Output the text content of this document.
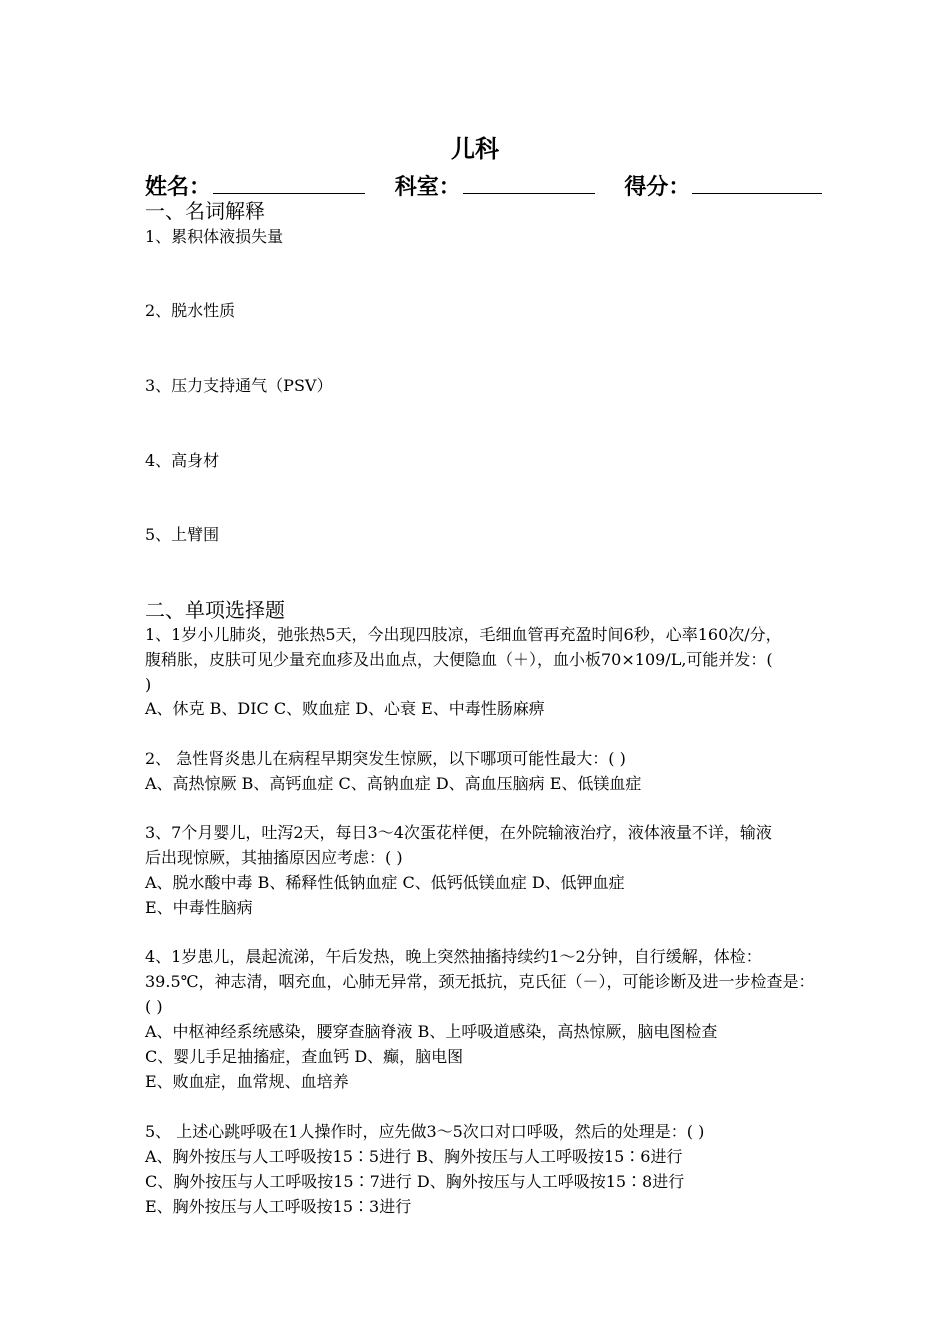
儿科
姓名：	科室：	得分：
一、名词解释
1、累积体液损失量
2、脱水性质
3、压力支持通气（PSV）
4、高身材
5、上臂围
二、单项选择题
1、1岁小儿肺炎，弛张热5天，今出现四肢凉，毛细血管再充盈时间6秒，心率160次/分，
腹稍胀，皮肤可见少量充血疹及出血点，大便隐血（＋），血小板70×109/L,可能并发：(
)
A、休克 B、DIC C、败血症 D、心衰 E、中毒性肠麻痹
2、 急性肾炎患儿在病程早期突发生惊厥，以下哪项可能性最大：( )
A、高热惊厥 B、高钙血症 C、高钠血症 D、高血压脑病 E、低镁血症
3、7个月婴儿，吐泻2天，每日3～4次蛋花样便，在外院输液治疗，液体液量不详，输液
后出现惊厥，其抽搐原因应考虑：( )
A、脱水酸中毒 B、稀释性低钠血症 C、低钙低镁血症 D、低钾血症
E、中毒性脑病
4、1岁患儿，晨起流涕，午后发热，晚上突然抽搐持续约1～2分钟，自行缓解，体检：
39.5℃，神志清，咽充血，心肺无异常，颈无抵抗，克氏征（－），可能诊断及进一步检查是：
( )
A、中枢神经系统感染，腰穿查脑脊液 B、上呼吸道感染，高热惊厥，脑电图检查
C、婴儿手足抽搐症，查血钙 D、癫，脑电图
E、败血症，血常规、血培养
5、 上述心跳呼吸在1人操作时，应先做3～5次口对口呼吸，然后的处理是：( )
A、胸外按压与人工呼吸按15∶5进行 B、胸外按压与人工呼吸按15∶6进行
C、胸外按压与人工呼吸按15∶7进行 D、胸外按压与人工呼吸按15∶8进行
E、胸外按压与人工呼吸按15∶3进行
